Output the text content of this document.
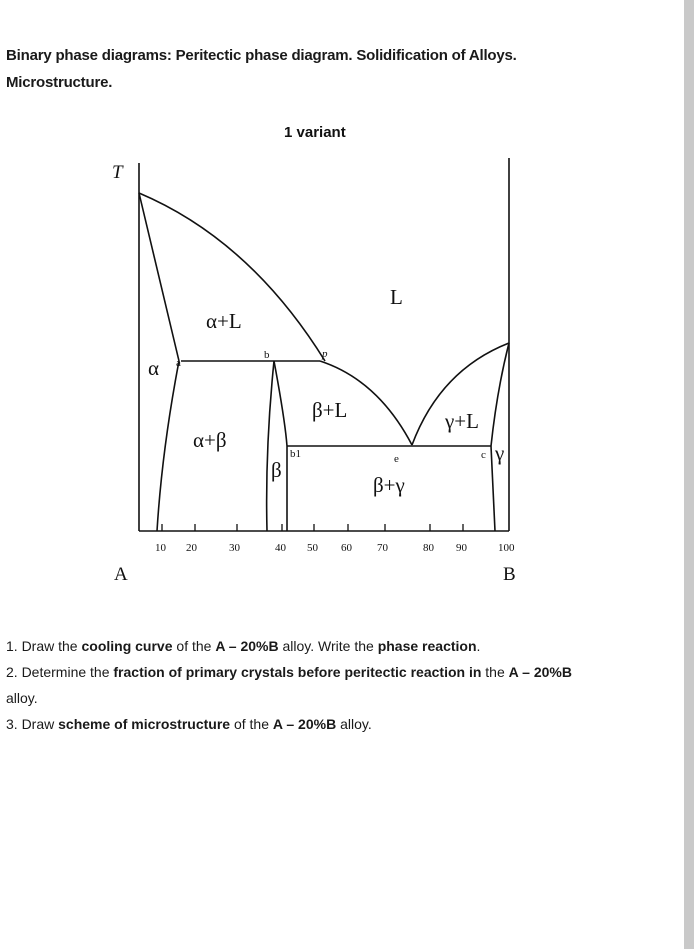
Binary phase diagrams: Peritectic phase diagram. Solidification of Alloys.
Microstructure.
1 variant
T
A	B
10 20	30	40 50 60 70	80 90	100
L
α+L
α
α+β
β+L
β
β+γ
γ+L
γ
a
b	p
b1	e	c

1. Draw the cooling curve of the A – 20%B alloy. Write the phase reaction.

2. Determine the fraction of primary crystals before peritectic reaction in the A – 20%B
alloy.

3. Draw scheme of microstructure of the A – 20%B alloy.
